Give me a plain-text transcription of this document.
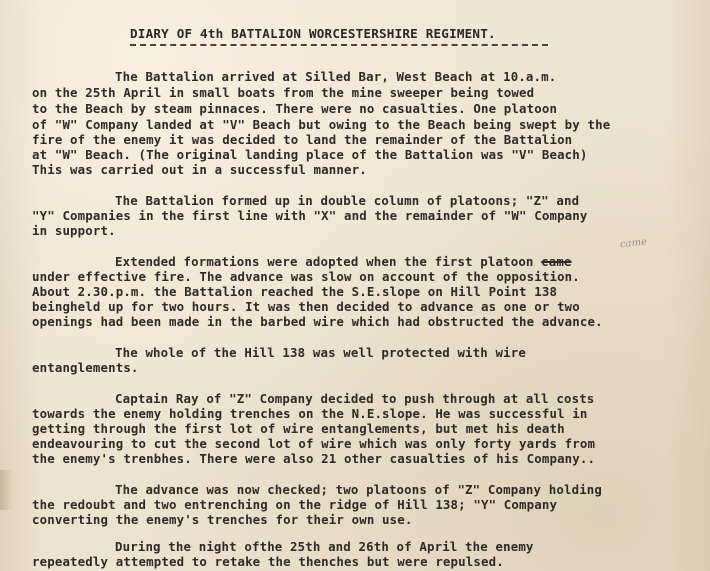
DIARY OF 4th BATTALION WORCESTERSHIRE REGIMENT.
The Battalion arrived at Silled Bar, West Beach at 10.a.m.
on the 25th April in small boats from the mine sweeper being towed
to the Beach by steam pinnaces. There were no casualties. One platoon
of "W" Company landed at "V" Beach but owing to the Beach being swept by the
fire of the enemy it was decided to land the remainder of the Battalion
at "W" Beach. (The original landing place of the Battalion was "V" Beach)
This was carried out in a successful manner.
The Battalion formed up in double column of platoons; "Z" and
"Y" Companies in the first line with "X" and the remainder of "W" Company
in support.
Extended formations were adopted when the first platoon came
came
under effective fire. The advance was slow on account of the opposition.
About 2.30.p.m. the Battalion reached the S.E.slope on Hill Point 138
beingheld up for two hours. It was then decided to advance as one or two
openings had been made in the barbed wire which had obstructed the advance.
The whole of the Hill 138 was well protected with wire
entanglements.
Captain Ray of "Z" Company decided to push through at all costs
towards the enemy holding trenches on the N.E.slope. He was successful in
getting through the first lot of wire entanglements, but met his death
endeavouring to cut the second lot of wire which was only forty yards from
the enemy's trenbhes. There were also 21 other casualties of his Company..
The advance was now checked; two platoons of "Z" Company holding
the redoubt and two entrenching on the ridge of Hill 138; "Y" Company
converting the enemy's trenches for their own use.
During the night ofthe 25th and 26th of April the enemy
repeatedly attempted to retake the thenches but were repulsed.
